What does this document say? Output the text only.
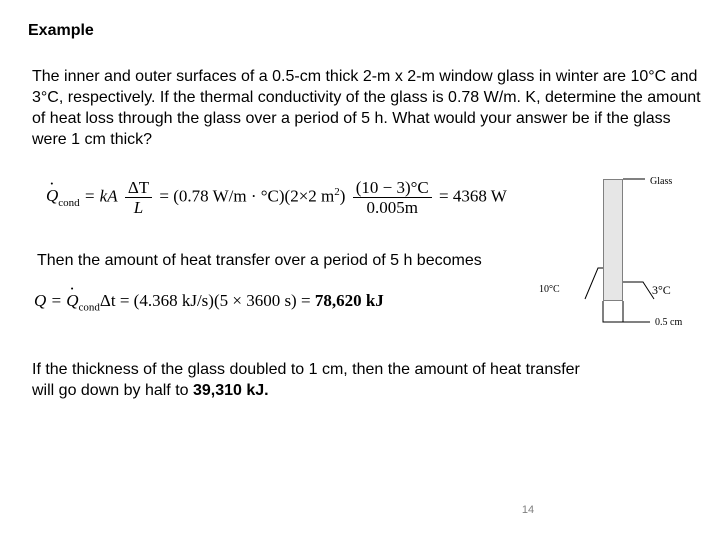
Example
The inner and outer surfaces of a 0.5-cm thick 2-m x 2-m window glass in winter are 10°C and 3°C, respectively. If the thermal conductivity of the glass is 0.78 W/m. K, determine the amount of heat loss through the glass over a period of 5 h. What would your answer be if the glass were 1 cm thick?
· $Q_{cond}$ = kA $\frac{\Delta T}{L} = (0.78$ W/m · °C)(2×2 $m^2) \frac{(10 - 3)^\circ C}{0.005m} = 4368$ W
Then the amount of heat transfer over a period of 5 h becomes
Q = · $Q_{cond}\Delta t = (4.368$ kJ/s)(5 × 3600 s) = 78,620 kJ
If the thickness of the glass doubled to 1 cm, then the amount of heat transfer will go down by half to 39,310 kJ.
Glass
10°C	3°C
0.5 cm
14
